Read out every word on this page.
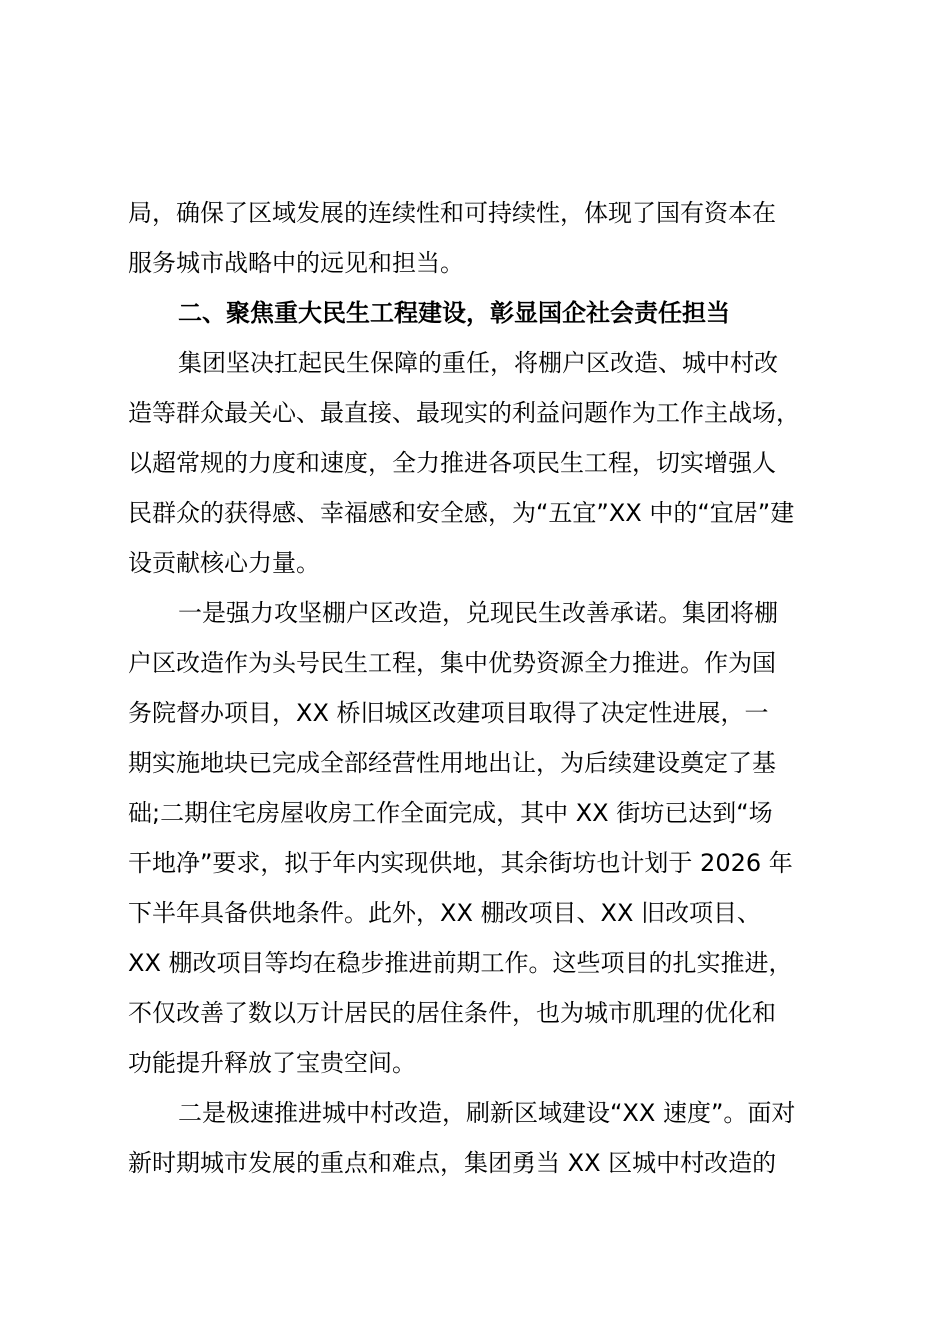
局，确保了区域发展的连续性和可持续性，体现了国有资本在
服务城市战略中的远见和担当。
二、聚焦重大民生工程建设，彰显国企社会责任担当
集团坚决扛起民生保障的重任，将棚户区改造、城中村改
造等群众最关心、最直接、最现实的利益问题作为工作主战场，
以超常规的力度和速度，全力推进各项民生工程，切实增强人
民群众的获得感、幸福感和安全感，为“五宜”XX 中的“宜居”建
设贡献核心力量。
一是强力攻坚棚户区改造，兑现民生改善承诺。集团将棚
户区改造作为头号民生工程，集中优势资源全力推进。作为国
务院督办项目，XX 桥旧城区改建项目取得了决定性进展，一
期实施地块已完成全部经营性用地出让，为后续建设奠定了基
础;二期住宅房屋收房工作全面完成，其中 XX 街坊已达到“场
干地净”要求，拟于年内实现供地，其余街坊也计划于 2026 年
下半年具备供地条件。此外，XX 棚改项目、XX 旧改项目、
XX 棚改项目等均在稳步推进前期工作。这些项目的扎实推进，
不仅改善了数以万计居民的居住条件，也为城市肌理的优化和
功能提升释放了宝贵空间。
二是极速推进城中村改造，刷新区域建设“XX 速度”。面对
新时期城市发展的重点和难点，集团勇当 XX 区城中村改造的
